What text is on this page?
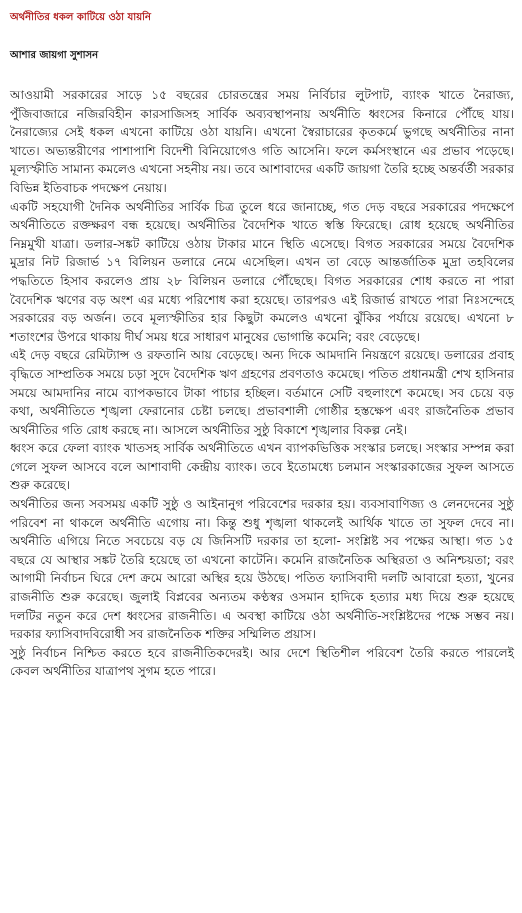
অর্থনীতির ধকল কাটিয়ে ওঠা যায়নি
আশার জায়গা সুশাসন

আওয়ামী সরকারের সাড়ে ১৫ বছরের চোরতন্ত্রের সময় নির্বিচার লুটপাট, ব্যাংক খাতে নৈরাজ্য, পুঁজিবাজারে নজিরবিহীন কারসাজিসহ সার্বিক অব্যবস্থাপনায় অর্থনীতি ধ্বংসের কিনারে পৌঁছে যায়। নৈরাজ্যের সেই ধকল এখনো কাটিয়ে ওঠা যায়নি। এখনো স্বৈরাচারের কৃতকর্মে ভুগছে অর্থনীতির নানা খাতে। অভ্যন্তরীণের পাশাপাশি বিদেশী বিনিয়োগেও গতি আসেনি। ফলে কর্মসংস্থানে এর প্রভাব পড়েছে। মূল্যস্ফীতি সামান্য কমলেও এখনো সহনীয় নয়। তবে আশাবাদের একটি জায়গা তৈরি হচ্ছে অন্তর্বর্তী সরকার বিভিন্ন ইতিবাচক পদক্ষেপ নেয়ায়।

একটি সহযোগী দৈনিক অর্থনীতির সার্বিক চিত্র তুলে ধরে জানাচ্ছে, গত দেড় বছরে সরকারের পদক্ষেপে অর্থনীতিতে রক্তক্ষরণ বন্ধ হয়েছে। অর্থনীতির বৈদেশিক খাতে স্বস্তি ফিরেছে। রোধ হয়েছে অর্থনীতির নিম্নমুখী যাত্রা। ডলার-সঙ্কট কাটিয়ে ওঠায় টাকার মানে স্থিতি এসেছে। বিগত সরকারের সময়ে বৈদেশিক মুদ্রার নিট রিজার্ভ ১৭ বিলিয়ন ডলারে নেমে এসেছিল। এখন তা বেড়ে আন্তর্জাতিক মুদ্রা তহবিলের পদ্ধতিতে হিসাব করলেও প্রায় ২৮ বিলিয়ন ডলারে পৌঁছেছে। বিগত সরকারের শোধ করতে না পারা বৈদেশিক ঋণের বড় অংশ এর মধ্যে পরিশোধ করা হয়েছে। তারপরও এই রিজার্ভ রাখতে পারা নিঃসন্দেহে সরকারের বড় অর্জন। তবে মূল্যস্ফীতির হার কিছুটা কমলেও এখনো ঝুঁকির পর্যায়ে রয়েছে। এখনো ৮ শতাংশের উপরে থাকায় দীর্ঘ সময় ধরে সাধারণ মানুষের ভোগান্তি কমেনি; বরং বেড়েছে।

এই দেড় বছরে রেমিট্যান্স ও রফতানি আয় বেড়েছে। অন্য দিকে আমদানি নিয়ন্ত্রণে রয়েছে। ডলারের প্রবাহ বৃদ্ধিতে সাম্প্রতিক সময়ে চড়া সুদে বৈদেশিক ঋণ গ্রহণের প্রবণতাও কমেছে। পতিত প্রধানমন্ত্রী শেখ হাসিনার সময়ে আমদানির নামে ব্যাপকভাবে টাকা পাচার হচ্ছিল। বর্তমানে সেটি বহুলাংশে কমেছে। সব চেয়ে বড় কথা, অর্থনীতিতে শৃঙ্খলা ফেরানোর চেষ্টা চলছে। প্রভাবশালী গোষ্ঠীর হস্তক্ষেপ এবং রাজনৈতিক প্রভাব অর্থনীতির গতি রোধ করছে না। আসলে অর্থনীতির সুষ্ঠু বিকাশে শৃঙ্খলার বিকল্প নেই।

ধ্বংস করে ফেলা ব্যাংক খাতসহ সার্বিক অর্থনীতিতে এখন ব্যাপকভিত্তিক সংস্কার চলছে। সংস্কার সম্পন্ন করা গেলে সুফল আসবে বলে আশাবাদী কেন্দ্রীয় ব্যাংক। তবে ইতোমধ্যে চলমান সংস্কারকাজের সুফল আসতে শুরু করেছে।

অর্থনীতির জন্য সবসময় একটি সুষ্ঠু ও আইনানুগ পরিবেশের দরকার হয়। ব্যবসাবাণিজ্য ও লেনদেনের সুষ্ঠু পরিবেশ না থাকলে অর্থনীতি এগোয় না। কিন্তু শুধু শৃঙ্খলা থাকলেই আর্থিক খাতে তা সুফল দেবে না। অর্থনীতি এগিয়ে নিতে সবচেয়ে বড় যে জিনিসটি দরকার তা হলো- সংশ্লিষ্ট সব পক্ষের আস্থা। গত ১৫ বছরে যে আস্থার সঙ্কট তৈরি হয়েছে তা এখনো কাটেনি। কমেনি রাজনৈতিক অস্থিরতা ও অনিশ্চয়তা; বরং আগামী নির্বাচন ঘিরে দেশ ক্রমে আরো অস্থির হয়ে উঠছে। পতিত ফ্যাসিবাদী দলটি আবারো হত্যা, খুনের রাজনীতি শুরু করেছে। জুলাই বিপ্লবের অন্যতম কণ্ঠস্বর ওসমান হাদিকে হত্যার মধ্য দিয়ে শুরু হয়েছে দলটির নতুন করে দেশ ধ্বংসের রাজনীতি। এ অবস্থা কাটিয়ে ওঠা অর্থনীতি-সংশ্লিষ্টদের পক্ষে সম্ভব নয়। দরকার ফ্যাসিবাদবিরোধী সব রাজনৈতিক শক্তির সম্মিলিত প্রয়াস।

সুষ্ঠু নির্বাচন নিশ্চিত করতে হবে রাজনীতিকদেরই। আর দেশে স্থিতিশীল পরিবেশ তৈরি করতে পারলেই কেবল অর্থনীতির যাত্রাপথ সুগম হতে পারে।
